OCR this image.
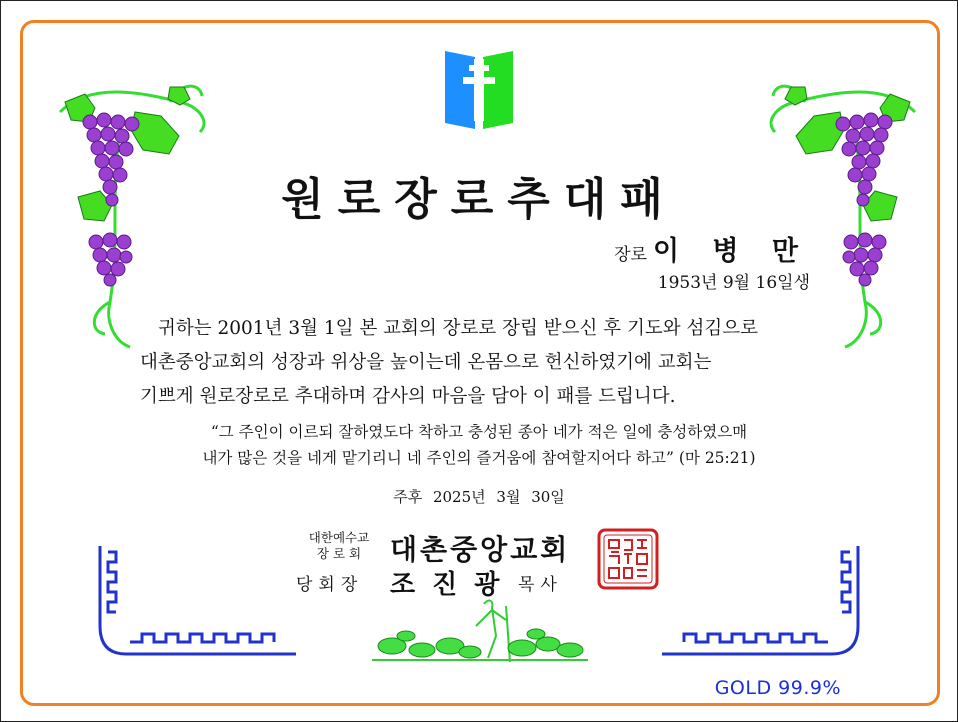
GOLD 99.9%
원로장로추대패
장로 이 병 만
1953년 9월 16일생
귀하는 2001년 3월 1일 본 교회의 장로로 장립 받으신 후 기도와 섬김으로
대촌중앙교회의 성장과 위상을 높이는데 온몸으로 헌신하였기에 교회는
기쁘게 원로장로로 추대하며 감사의 마음을 담아 이 패를 드립니다.
“그 주인이 이르되 잘하였도다 착하고 충성된 종아 네가 적은 일에 충성하였으매
내가 많은 것을 네게 맡기리니 네 주인의 즐거움에 참여할지어다 하고” (마 25:21)
주후 2025년 3월 30일
대한예수교
장 로 회	대촌중앙교회
당회장 조진광 목사
